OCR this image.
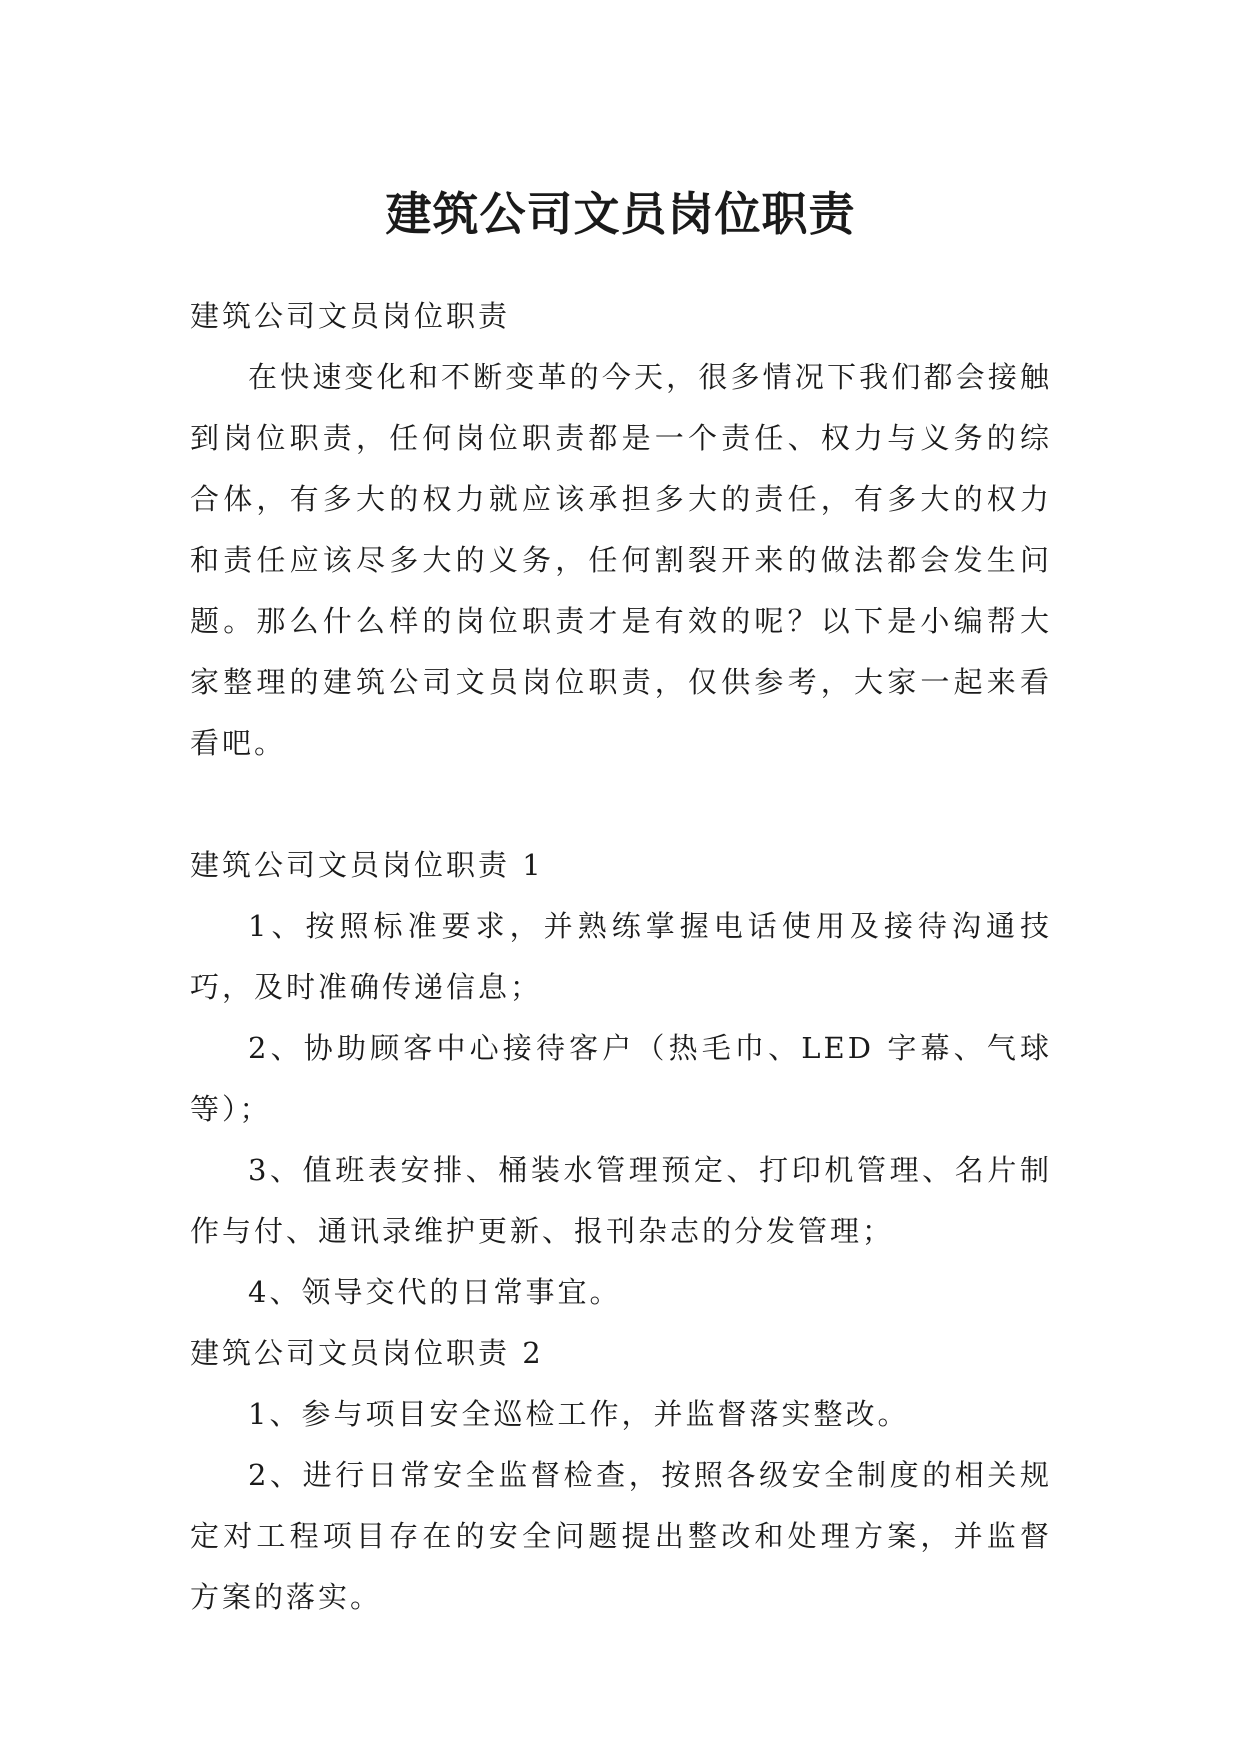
建筑公司文员岗位职责

建筑公司文员岗位职责

在快速变化和不断变革的今天，很多情况下我们都会接触到岗位职责，任何岗位职责都是一个责任、权力与义务的综合体，有多大的权力就应该承担多大的责任，有多大的权力和责任应该尽多大的义务，任何割裂开来的做法都会发生问题。那么什么样的岗位职责才是有效的呢？以下是小编帮大家整理的建筑公司文员岗位职责，仅供参考，大家一起来看看吧。

建筑公司文员岗位职责 1

1、按照标准要求，并熟练掌握电话使用及接待沟通技巧，及时准确传递信息；

2、协助顾客中心接待客户（热毛巾、LED 字幕、气球等）；

3、值班表安排、桶装水管理预定、打印机管理、名片制作与付、通讯录维护更新、报刊杂志的分发管理；

4、领导交代的日常事宜。

建筑公司文员岗位职责 2

1、参与项目安全巡检工作，并监督落实整改。

2、进行日常安全监督检查，按照各级安全制度的相关规定对工程项目存在的安全问题提出整改和处理方案，并监督方案的落实。
